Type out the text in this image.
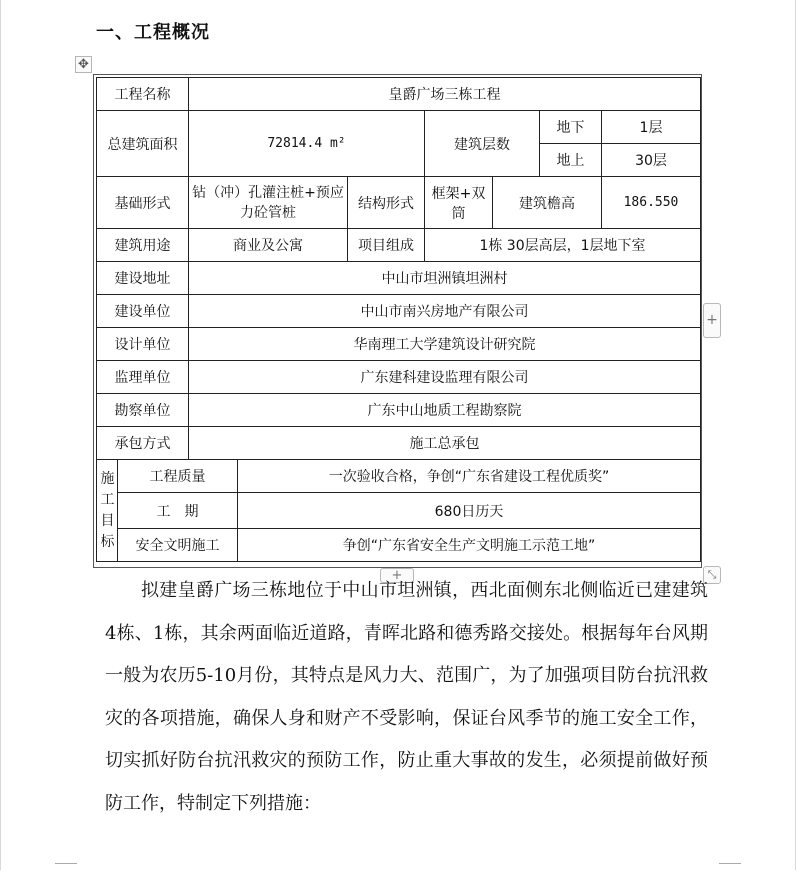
一、工程概况
✥
工程名称		皇爵广场三栋工程						
总建筑面积		72814.4 m²			建筑层数		地下	1层
							地上	30层
基础形式		钻（冲）孔灌注桩+预应力砼管桩		结构形式	框架+双筒	建筑檐高		186.550
建筑用途		商业及公寓		项目组成	1栋 30层高层，1层地下室			
建设地址		中山市坦洲镇坦洲村						
建设单位		中山市南兴房地产有限公司						
设计单位		华南理工大学建筑设计研究院						
监理单位		广东建科建设监理有限公司						
勘察单位		广东中山地质工程勘察院						
承包方式		施工总承包						
施工目标	工程质量		一次验收合格，争创“广东省建设工程优质奖”					
	工　期		680日历天					
	安全文明施工		争创“广东省安全生产文明施工示范工地”					
+
+	⤡
拟建皇爵广场三栋地位于中山市坦洲镇，西北面侧东北侧临近已建建筑4栋、1栋，其余两面临近道路，青晖北路和德秀路交接处。根据每年台风期一般为农历5-10月份，其特点是风力大、范围广，为了加强项目防台抗汛救灾的各项措施，确保人身和财产不受影响，保证台风季节的施工安全工作，切实抓好防台抗汛救灾的预防工作，防止重大事故的发生，必须提前做好预防工作，特制定下列措施：
